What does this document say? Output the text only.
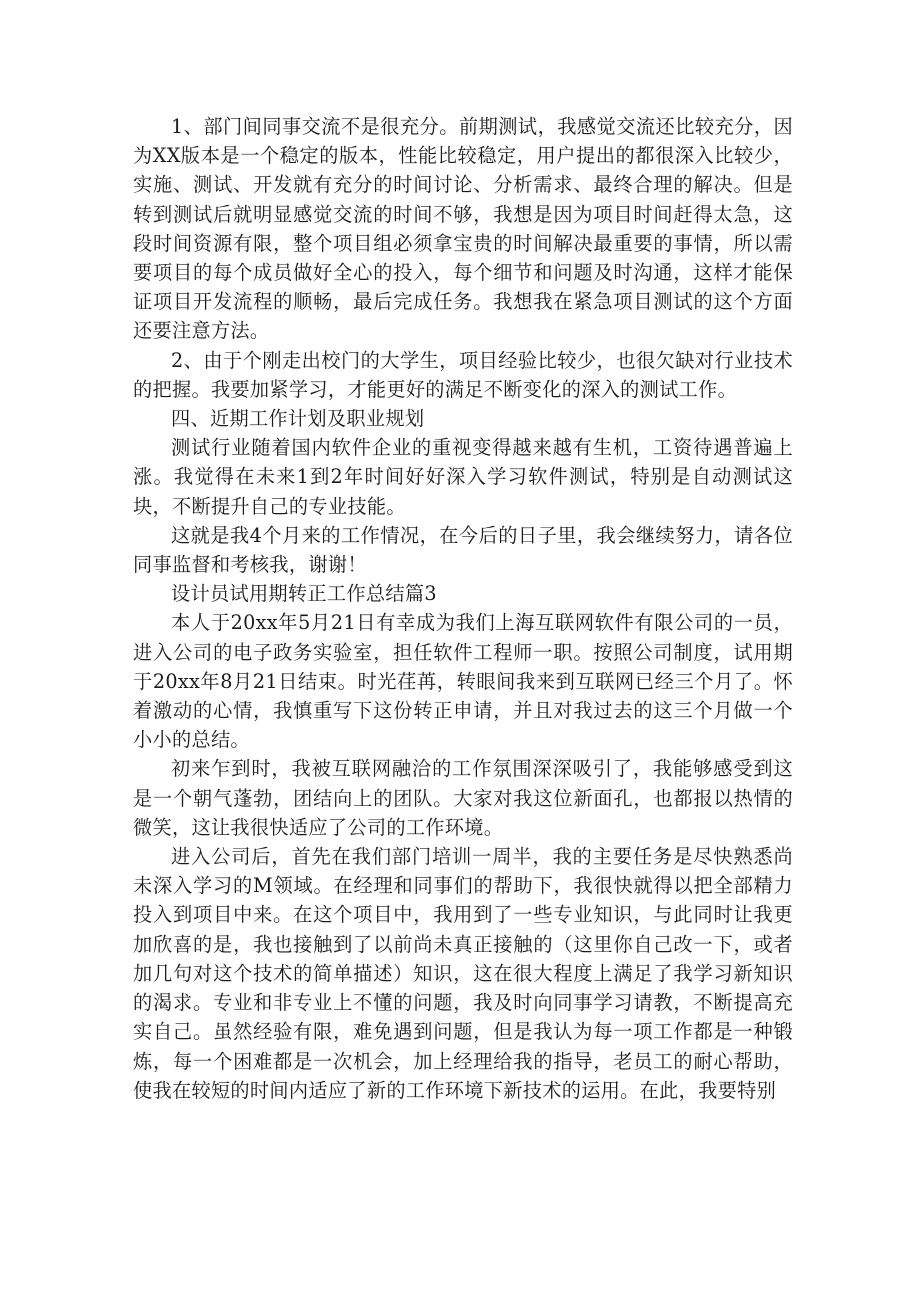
1、部门间同事交流不是很充分。前期测试，我感觉交流还比较充分，因为XX版本是一个稳定的版本，性能比较稳定，用户提出的都很深入比较少，实施、测试、开发就有充分的时间讨论、分析需求、最终合理的解决。但是转到测试后就明显感觉交流的时间不够，我想是因为项目时间赶得太急，这段时间资源有限，整个项目组必须拿宝贵的时间解决最重要的事情，所以需要项目的每个成员做好全心的投入，每个细节和问题及时沟通，这样才能保证项目开发流程的顺畅，最后完成任务。我想我在紧急项目测试的这个方面还要注意方法。

2、由于个刚走出校门的大学生，项目经验比较少，也很欠缺对行业技术的把握。我要加紧学习，才能更好的满足不断变化的深入的测试工作。

四、近期工作计划及职业规划

测试行业随着国内软件企业的重视变得越来越有生机，工资待遇普遍上涨。我觉得在未来1到2年时间好好深入学习软件测试，特别是自动测试这块，不断提升自己的专业技能。

这就是我4个月来的工作情况，在今后的日子里，我会继续努力，请各位同事监督和考核我，谢谢！

设计员试用期转正工作总结篇3

本人于20xx年5月21日有幸成为我们上海互联网软件有限公司的一员，进入公司的电子政务实验室，担任软件工程师一职。按照公司制度，试用期于20xx年8月21日结束。时光荏苒，转眼间我来到互联网已经三个月了。怀着激动的心情，我慎重写下这份转正申请，并且对我过去的这三个月做一个小小的总结。

初来乍到时，我被互联网融洽的工作氛围深深吸引了，我能够感受到这是一个朝气蓬勃，团结向上的团队。大家对我这位新面孔，也都报以热情的微笑，这让我很快适应了公司的工作环境。

进入公司后，首先在我们部门培训一周半，我的主要任务是尽快熟悉尚未深入学习的M领域。在经理和同事们的帮助下，我很快就得以把全部精力投入到项目中来。在这个项目中，我用到了一些专业知识，与此同时让我更加欣喜的是，我也接触到了以前尚未真正接触的（这里你自己改一下，或者加几句对这个技术的简单描述）知识，这在很大程度上满足了我学习新知识的渴求。专业和非专业上不懂的问题，我及时向同事学习请教，不断提高充实自己。虽然经验有限，难免遇到问题，但是我认为每一项工作都是一种锻炼，每一个困难都是一次机会，加上经理给我的指导，老员工的耐心帮助，使我在较短的时间内适应了新的工作环境下新技术的运用。在此，我要特别
